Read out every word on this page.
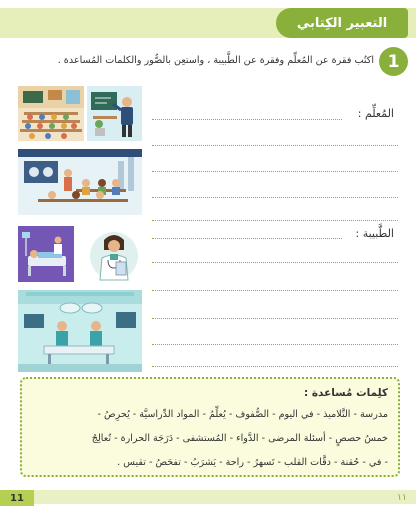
التعبير الكِتابي
1
اكتُب فقرة عن المُعلِّم وفقرة عن الطَّبيبة ، واستعِن بالصُّور والكلمات المُساعدة .
المُعلِّم :
الطَّبيبة :
كلِمات مُساعدة :
مدرسة - التَّلاميذ - في اليوم - الصُّفوف - يُعلِّمُ - المواد الدِّراسيَّة - يُحرِصُ -
خمسُ حصصٍ - أسئلة المرضى - الدَّواء - المُستشفى - دَرَجَة الحرارة - تُعالِجُ
- في - حُقنة - دقَّات القلب - تَسهرُ - راحة - يَشرَبُ - تفحَصُ - تقيس .
11	١١
